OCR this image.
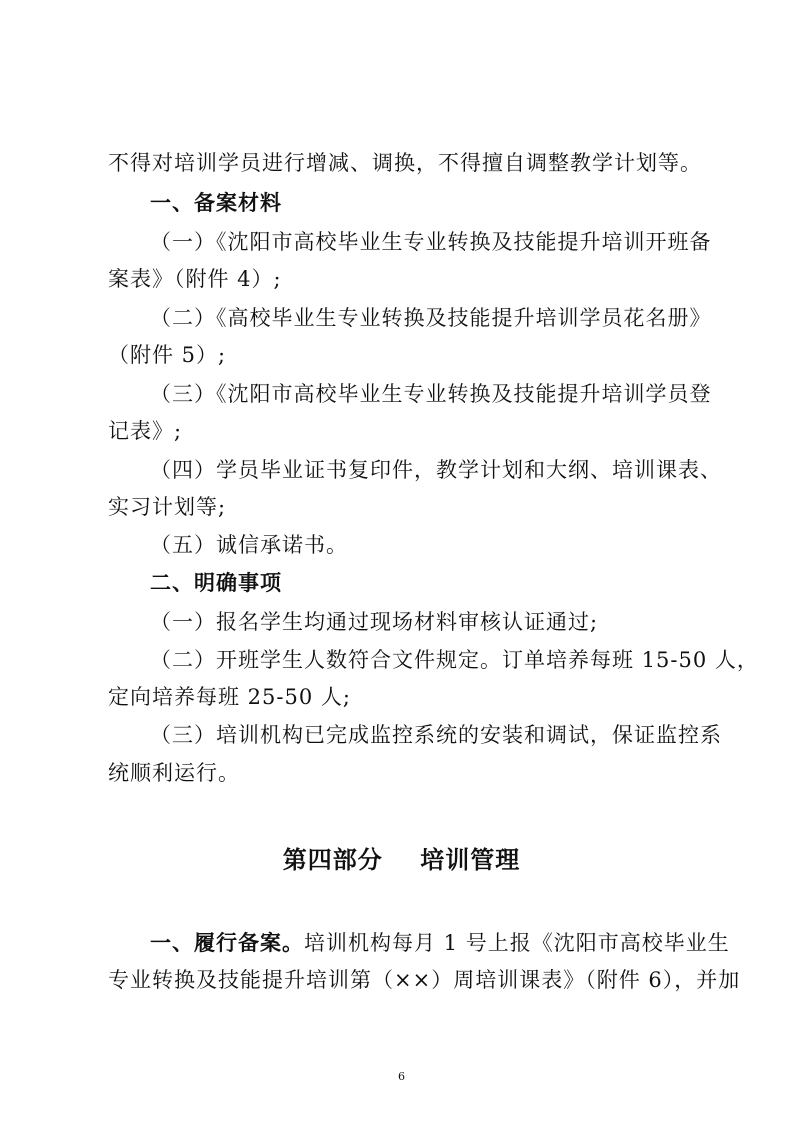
不得对培训学员进行增减、调换，不得擅自调整教学计划等。
一、备案材料
（一）《沈阳市高校毕业生专业转换及技能提升培训开班备
案表》（附件 4）;
（二）《高校毕业生专业转换及技能提升培训学员花名册》
（附件 5）;
（三）《沈阳市高校毕业生专业转换及技能提升培训学员登
记表》;
（四）学员毕业证书复印件，教学计划和大纲、培训课表、
实习计划等;
（五）诚信承诺书。
二、明确事项
（一）报名学生均通过现场材料审核认证通过;
（二）开班学生人数符合文件规定。订单培养每班 15-50 人，
定向培养每班 25-50 人;
（三）培训机构已完成监控系统的安装和调试，保证监控系
统顺利运行。
第四部分    培训管理
一、履行备案。培训机构每月 1 号上报《沈阳市高校毕业生
专业转换及技能提升培训第（××）周培训课表》（附件 6），并加
6
